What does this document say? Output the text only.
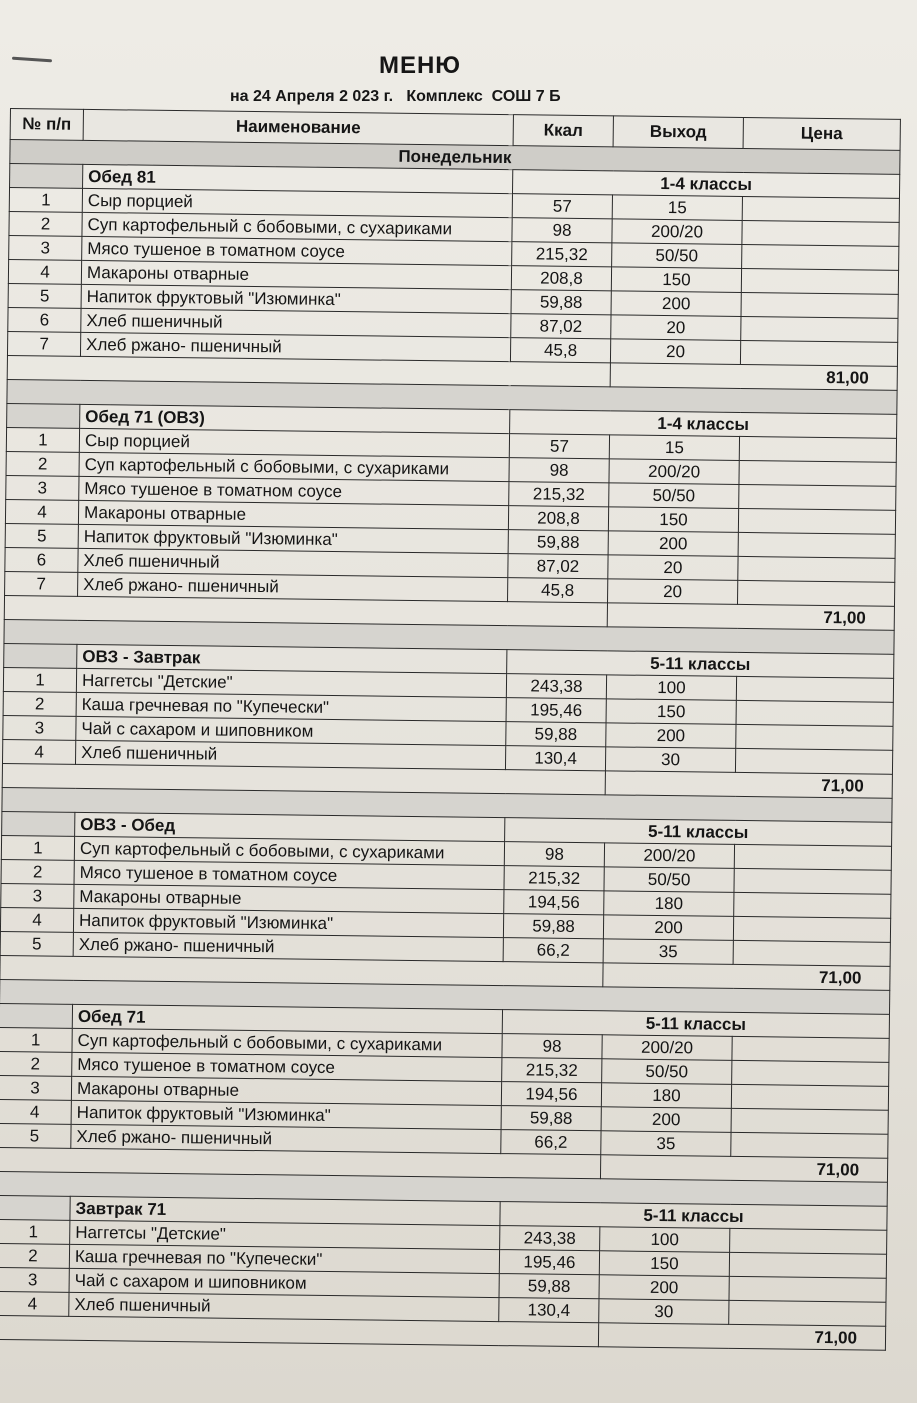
МЕНЮ
на 24 Апреля 2 023 г.   Комплекс  СОШ 7 Б
№ п/п	Наименование	Ккал	Выход	Цена
Понедельник				
	Обед 81	1-4 классы		
1	Сыр порцией	57	15	
2	Суп картофельный с бобовыми, с сухариками	98	200/20	
3	Мясо тушеное в томатном соусе	215,32	50/50	
4	Макароны отварные	208,8	150	
5	Напиток фруктовый "Изюминка"	59,88	200	
6	Хлеб пшеничный	87,02	20	
7	Хлеб ржано- пшеничный	45,8	20	
			81,00	

	Обед 71 (ОВЗ)	1-4 классы		
1	Сыр порцией	57	15	
2	Суп картофельный с бобовыми, с сухариками	98	200/20	
3	Мясо тушеное в томатном соусе	215,32	50/50	
4	Макароны отварные	208,8	150	
5	Напиток фруктовый "Изюминка"	59,88	200	
6	Хлеб пшеничный	87,02	20	
7	Хлеб ржано- пшеничный	45,8	20	
			71,00	

	ОВЗ - Завтрак	5-11 классы		
1	Наггетсы "Детские"	243,38	100	
2	Каша гречневая по "Купечески"	195,46	150	
3	Чай с сахаром и шиповником	59,88	200	
4	Хлеб пшеничный	130,4	30	
			71,00	

	ОВЗ - Обед	5-11 классы		
1	Суп картофельный с бобовыми, с сухариками	98	200/20	
2	Мясо тушеное в томатном соусе	215,32	50/50	
3	Макароны отварные	194,56	180	
4	Напиток фруктовый "Изюминка"	59,88	200	
5	Хлеб ржано- пшеничный	66,2	35	
			71,00	

	Обед 71	5-11 классы		
1	Суп картофельный с бобовыми, с сухариками	98	200/20	
2	Мясо тушеное в томатном соусе	215,32	50/50	
3	Макароны отварные	194,56	180	
4	Напиток фруктовый "Изюминка"	59,88	200	
5	Хлеб ржано- пшеничный	66,2	35	
			71,00	

	Завтрак 71	5-11 классы		
1	Наггетсы "Детские"	243,38	100	
2	Каша гречневая по "Купечески"	195,46	150	
3	Чай с сахаром и шиповником	59,88	200	
4	Хлеб пшеничный	130,4	30	
			71,00	
